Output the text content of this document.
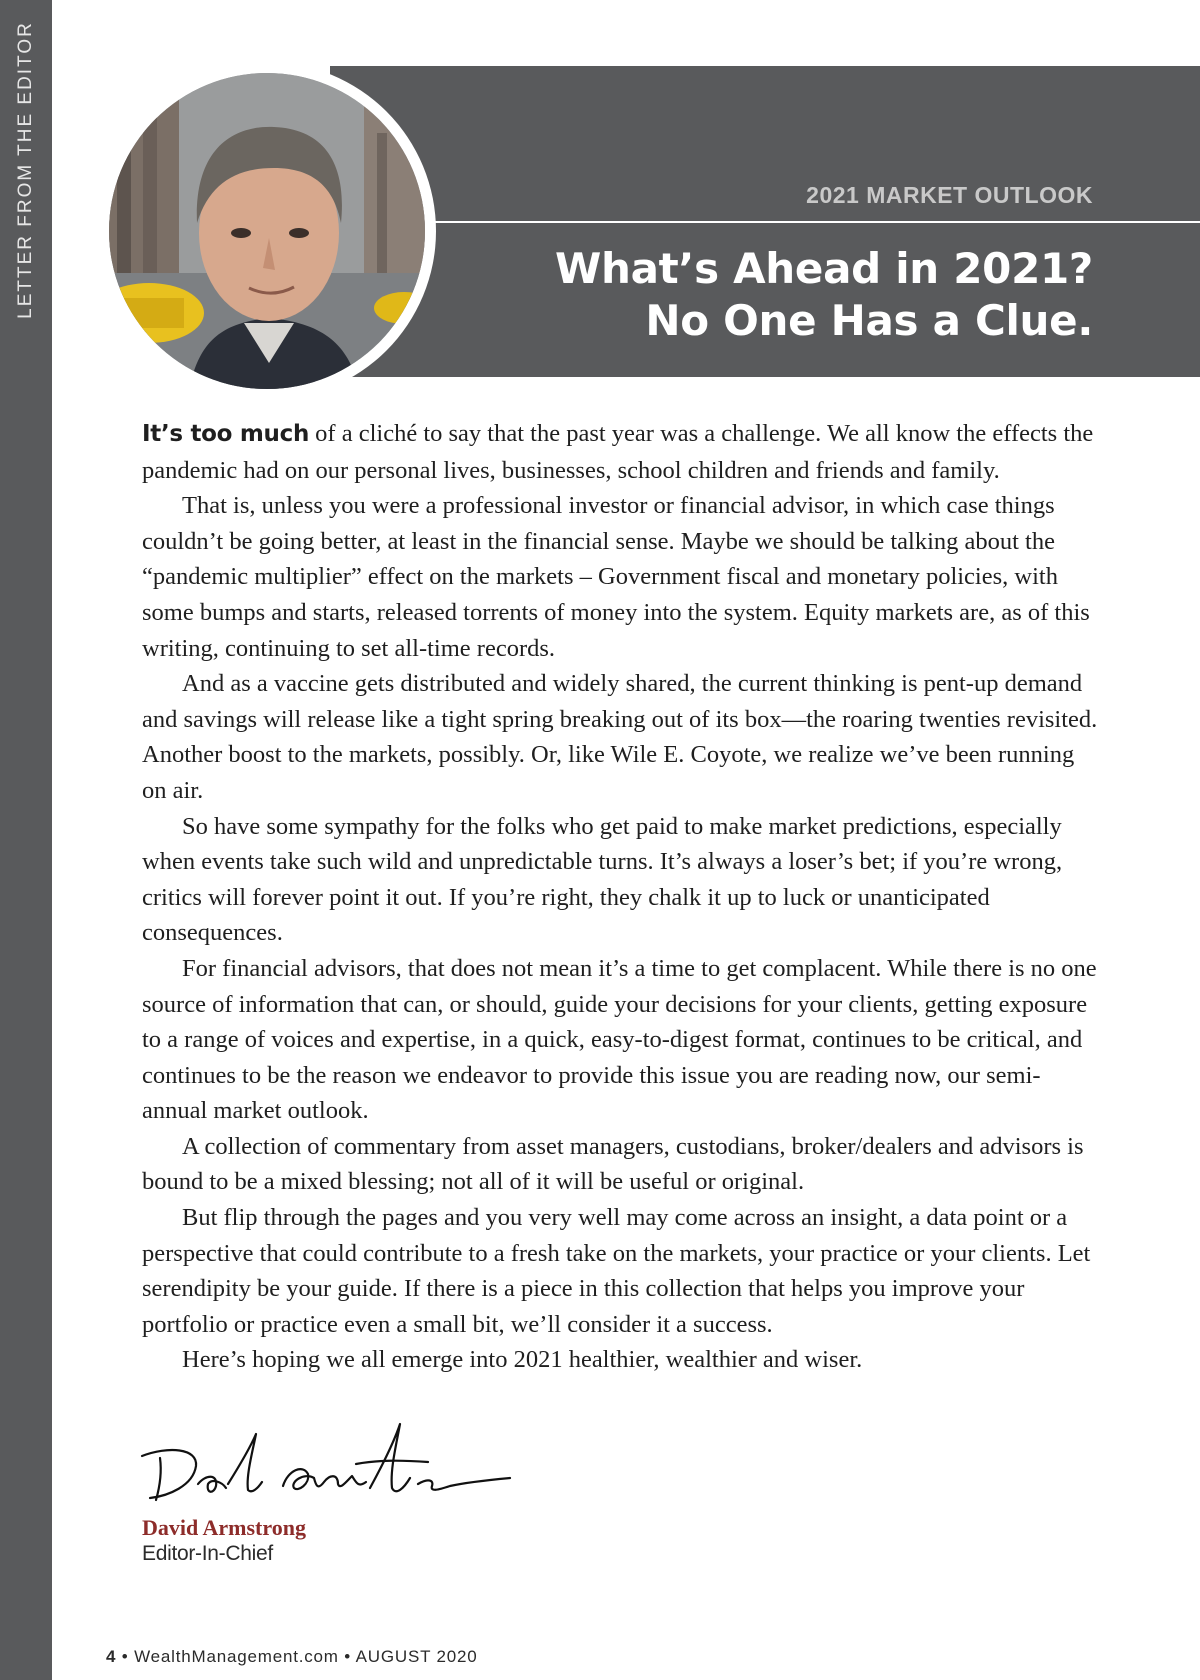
LETTER FROM THE EDITOR	2021 MARKET OUTLOOK
What’s Ahead in 2021?
No One Has a Clue.

It’s too much of a cliché to say that the past year was a challenge. We all know the effects the pandemic had on our personal lives, businesses, school children and friends and family.

That is, unless you were a professional investor or financial advisor, in which case things couldn’t be going better, at least in the financial sense. Maybe we should be talking about the “pandemic multiplier” effect on the markets – Government fiscal and monetary policies, with some bumps and starts, released torrents of money into the system. Equity markets are, as of this writing, continuing to set all-time records.

And as a vaccine gets distributed and widely shared, the current thinking is pent-up demand and savings will release like a tight spring breaking out of its box—the roaring twenties revisited. Another boost to the markets, possibly. Or, like Wile E. Coyote, we realize we’ve been running on air.

So have some sympathy for the folks who get paid to make market predictions, especially when events take such wild and unpredictable turns. It’s always a loser’s bet; if you’re wrong, critics will forever point it out. If you’re right, they chalk it up to luck or unanticipated consequences.

For financial advisors, that does not mean it’s a time to get complacent. While there is no one source of information that can, or should, guide your decisions for your clients, getting exposure to a range of voices and expertise, in a quick, easy-to-digest format, continues to be critical, and continues to be the reason we endeavor to provide this issue you are reading now, our semi-annual market outlook.

A collection of commentary from asset managers, custodians, broker/dealers and advisors is bound to be a mixed blessing; not all of it will be useful or original.

But flip through the pages and you very well may come across an insight, a data point or a perspective that could contribute to a fresh take on the markets, your practice or your clients. Let serendipity be your guide. If there is a piece in this collection that helps you improve your portfolio or practice even a small bit, we’ll consider it a success.

Here’s hoping we all emerge into 2021 healthier, wealthier and wiser.

David Armstrong
Editor-In-Chief
4 • WealthManagement.com • AUGUST 2020
